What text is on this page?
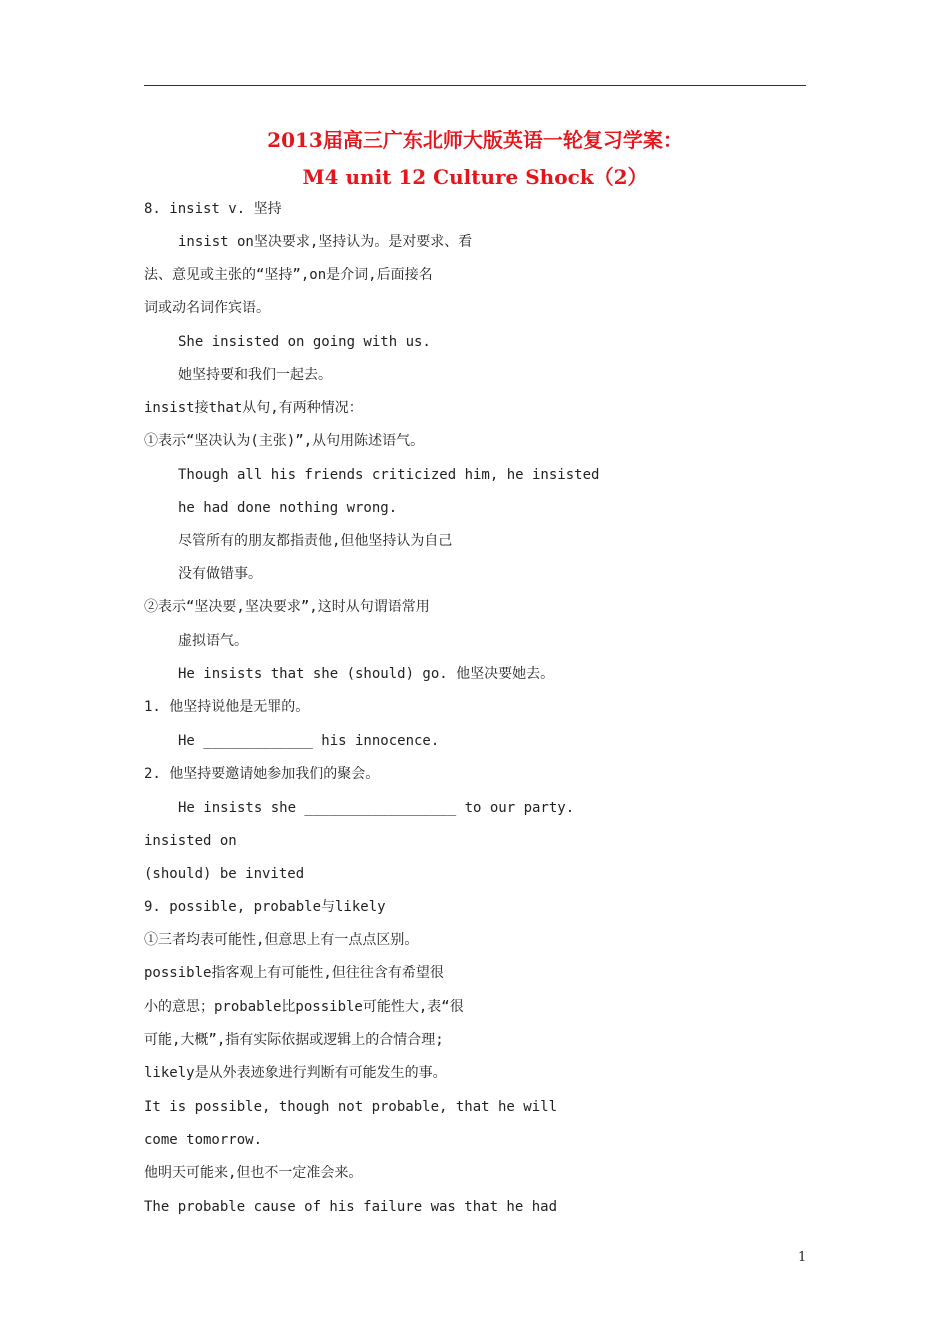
2013届高三广东北师大版英语一轮复习学案：
M4 unit 12 Culture Shock（2）
8. insist v. 坚持
insist on坚决要求,坚持认为。是对要求、看
法、意见或主张的“坚持”,on是介词,后面接名
词或动名词作宾语。
She insisted on going with us.
她坚持要和我们一起去。
insist接that从句,有两种情况：
①表示“坚决认为(主张)”,从句用陈述语气。
Though all his friends criticized him, he insisted
he had done nothing wrong.
尽管所有的朋友都指责他,但他坚持认为自己
没有做错事。
②表示“坚决要,坚决要求”,这时从句谓语常用
虚拟语气。
He insists that she (should) go. 他坚决要她去。
1. 他坚持说他是无罪的。
He _____________ his innocence.
2. 他坚持要邀请她参加我们的聚会。
He insists she __________________ to our party.
insisted on
(should) be invited
9. possible, probable与likely
①三者均表可能性,但意思上有一点点区别。
possible指客观上有可能性,但往往含有希望很
小的意思；probable比possible可能性大,表“很
可能,大概”,指有实际依据或逻辑上的合情合理;
likely是从外表迹象进行判断有可能发生的事。
It is possible, though not probable, that he will
come tomorrow.
他明天可能来,但也不一定准会来。
The probable cause of his failure was that he had
1
